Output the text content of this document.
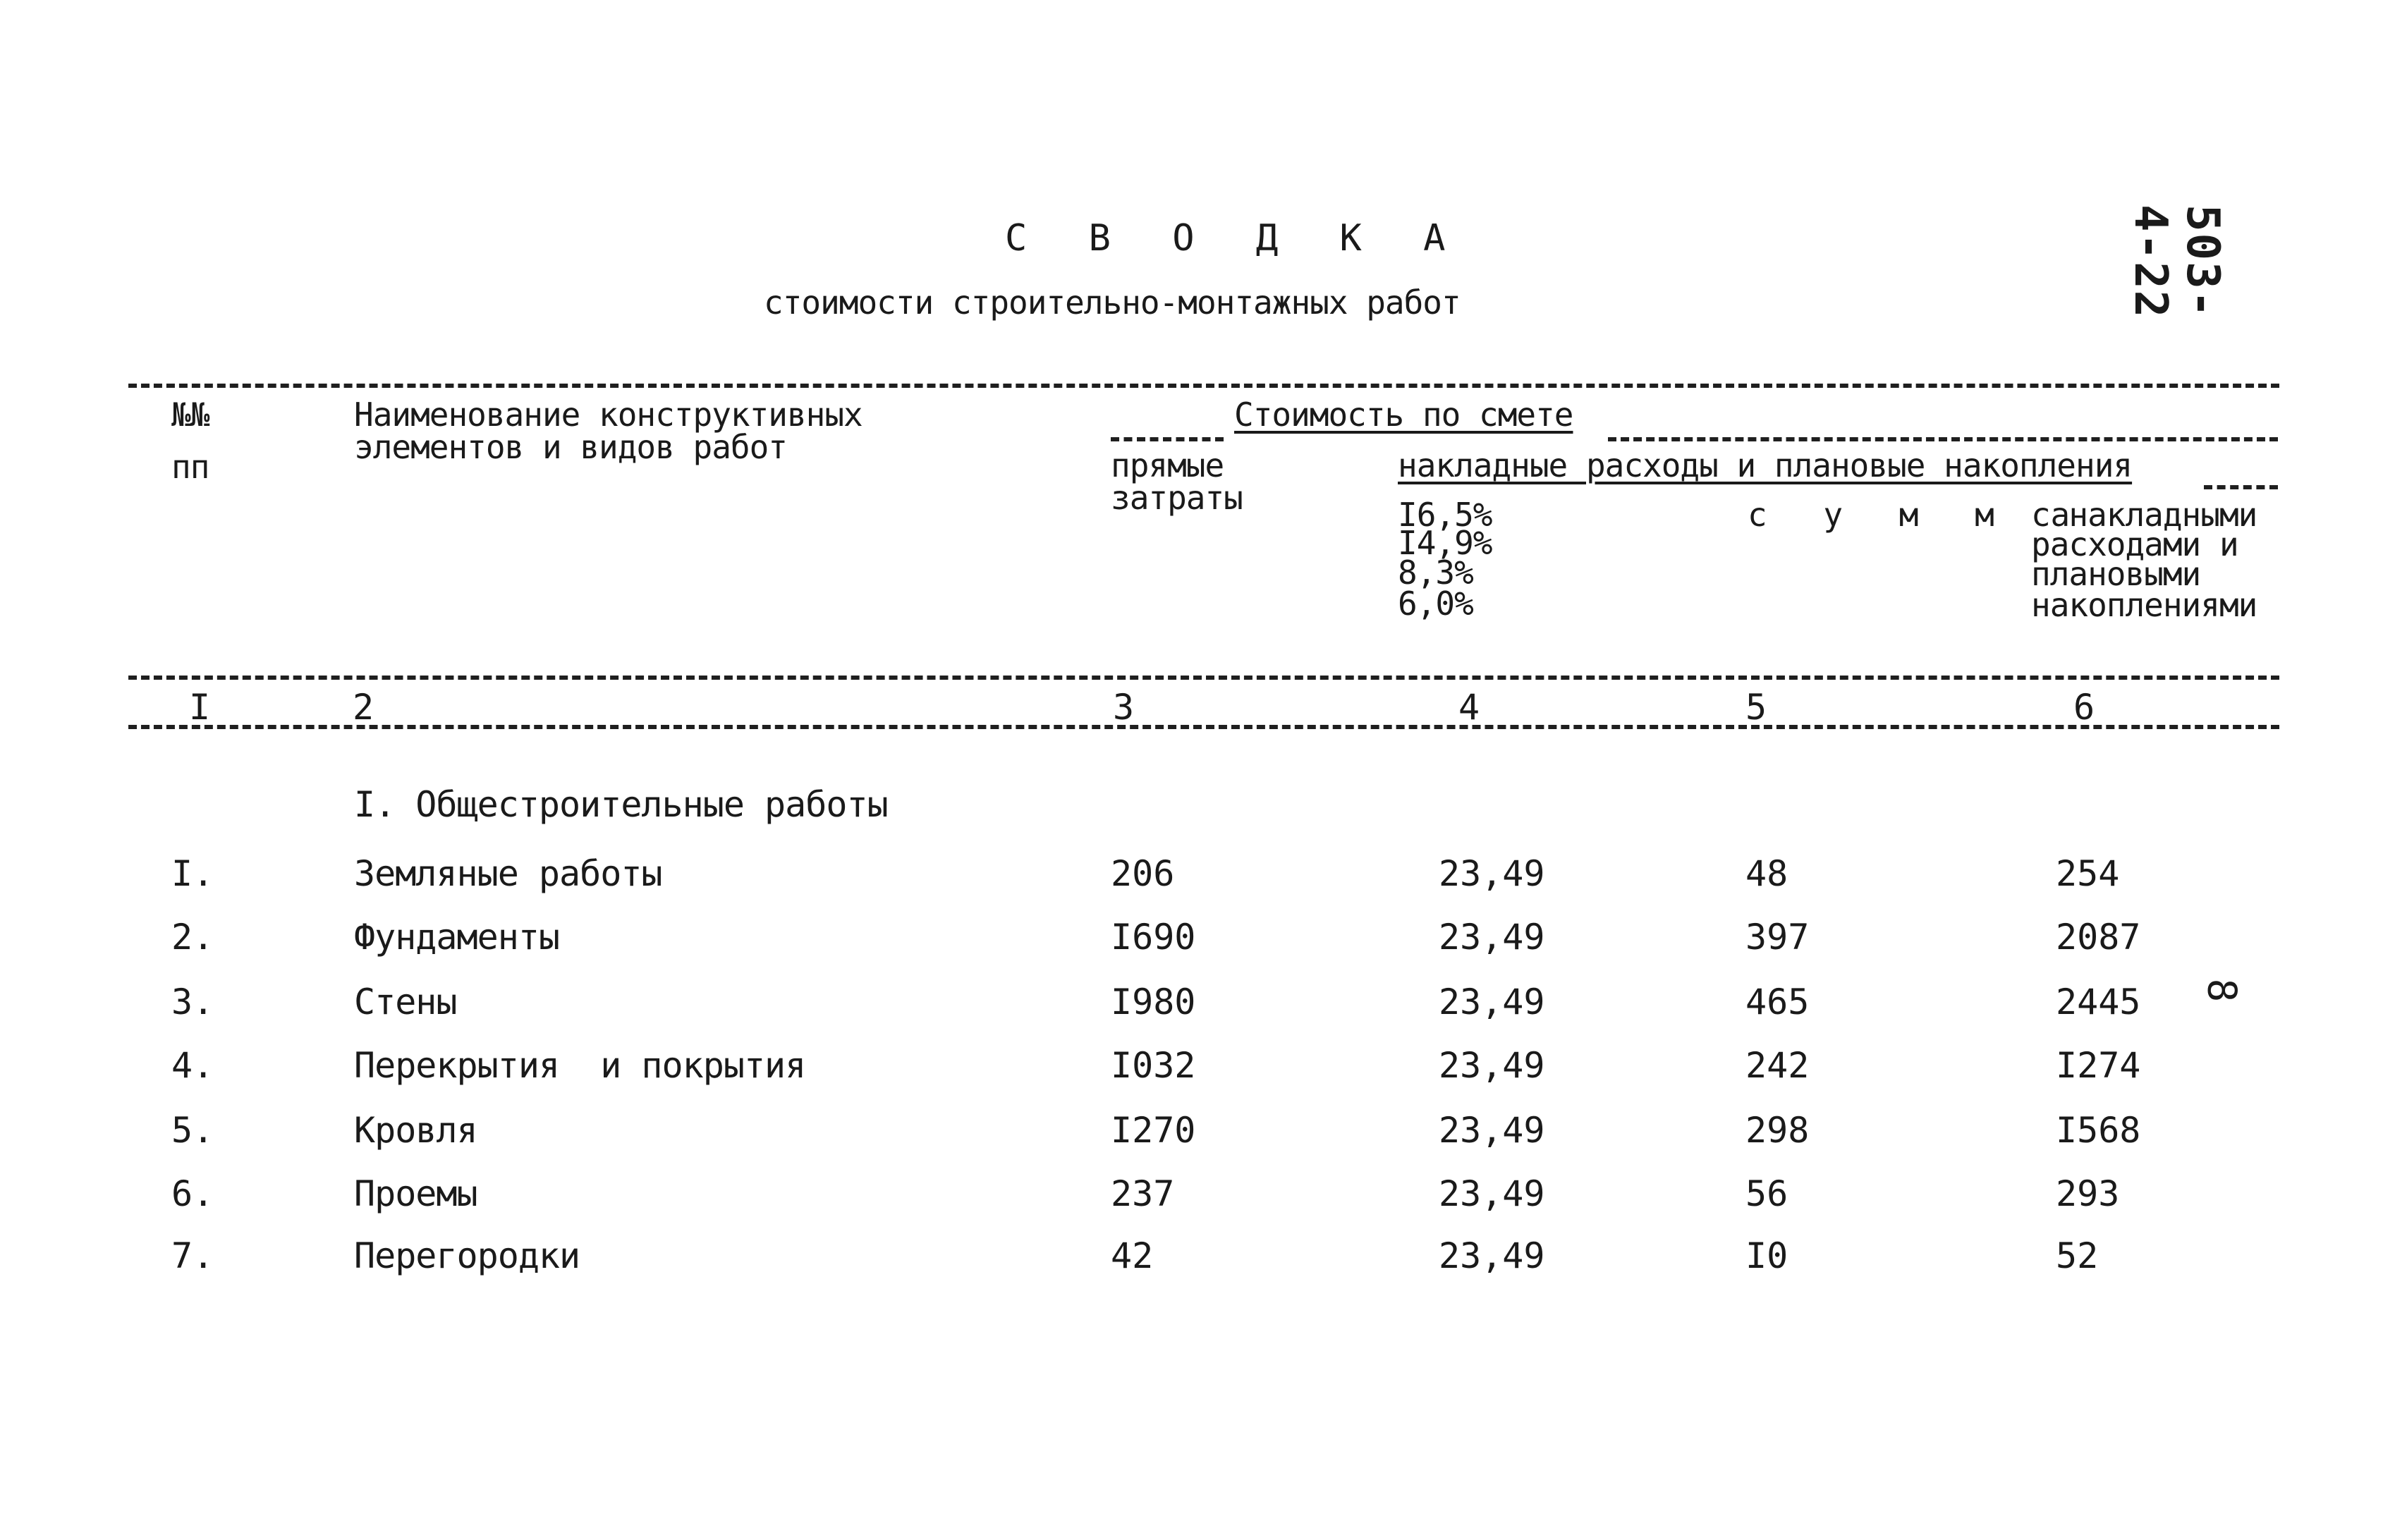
С В О Д К А
стоимости строительно-монтажных работ	503-4-22
№№
пп
Наименование конструктивных
элементов и видов работ
Стоимость по смете
прямые
затраты
накладные расходы и плановые накопления
I6,5%
I4,9%
8,3%
6,0%
с у м м а
с накладными
расходами и
плановыми
накоплениями
I	2	3	4	5	6
I. Общестроительные работы
I.	Земляные работы	206	23,49	48	254
2.	Фундаменты	I690	23,49	397	2087
3.	Стены	I980	23,49	465	2445
4.	Перекрытия  и покрытия	I032	23,49	242	I274
5.	Кровля	I270	23,49	298	I568
6.	Проемы	237	23,49	56	293
7.	Перегородки	42	23,49	I0	52
8
